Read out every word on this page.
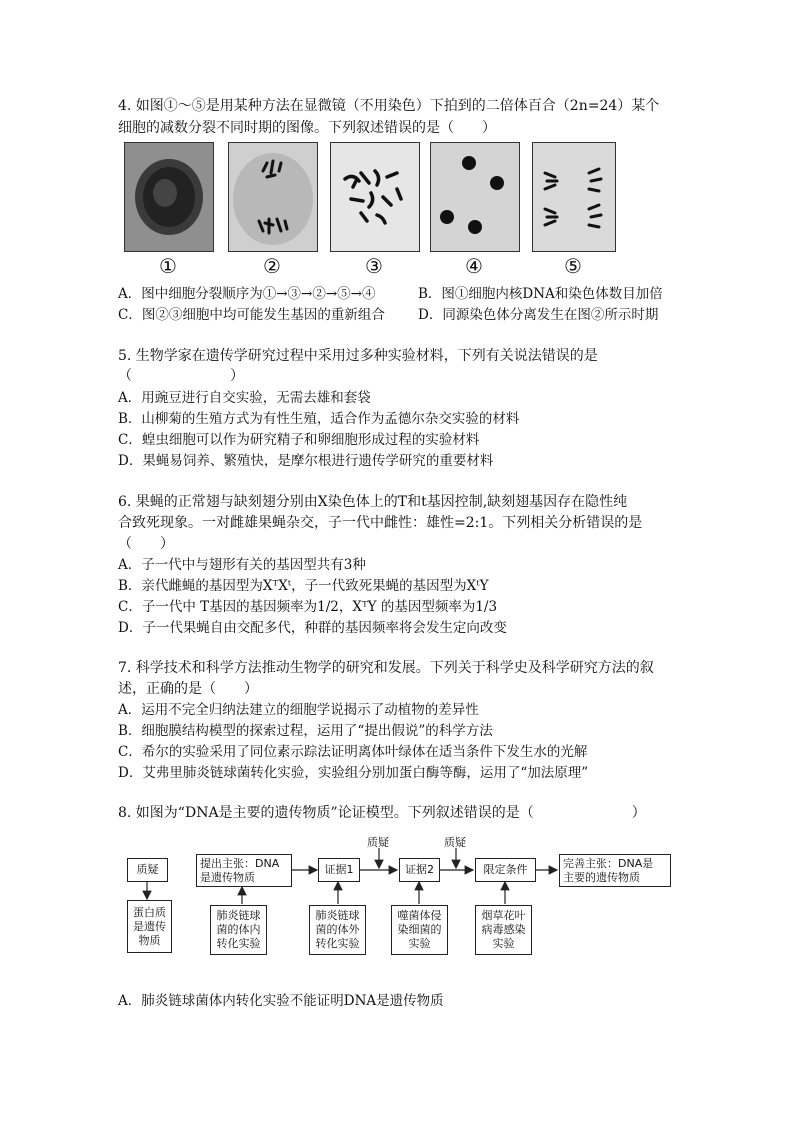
4. 如图①～⑤是用某种方法在显微镜（不用染色）下拍到的二倍体百合（2n=24）某个
细胞的减数分裂不同时期的图像。下列叙述错误的是（　　）
①	②	③	④	⑤
A．图中细胞分裂顺序为①→③→②→⑤→④	B．图①细胞内核DNA和染色体数目加倍
C．图②③细胞中均可能发生基因的重新组合 D．同源染色体分离发生在图②所示时期
5. 生物学家在遗传学研究过程中采用过多种实验材料，下列有关说法错误的是
（　　　　　　　）
A．用豌豆进行自交实验，无需去雄和套袋
B．山柳菊的生殖方式为有性生殖，适合作为孟德尔杂交实验的材料
C．蝗虫细胞可以作为研究精子和卵细胞形成过程的实验材料
D．果蝇易饲养、繁殖快，是摩尔根进行遗传学研究的重要材料
6. 果蝇的正常翅与缺刻翅分别由X染色体上的T和t基因控制,缺刻翅基因存在隐性纯
合致死现象。一对雌雄果蝇杂交，子一代中雌性：雄性=2:1。下列相关分析错误的是
（　　）
A．子一代中与翅形有关的基因型共有3种
B．亲代雌蝇的基因型为XᵀXᵗ，子一代致死果蝇的基因型为XᵗY
C．子一代中 T基因的基因频率为1/2，XᵀY 的基因型频率为1/3
D．子一代果蝇自由交配多代，种群的基因频率将会发生定向改变
7. 科学技术和科学方法推动生物学的研究和发展。下列关于科学史及科学研究方法的叙
述，正确的是（　　）
A．运用不完全归纳法建立的细胞学说揭示了动植物的差异性
B．细胞膜结构模型的探索过程，运用了“提出假说”的科学方法
C．希尔的实验采用了同位素示踪法证明离体叶绿体在适当条件下发生水的光解
D．艾弗里肺炎链球菌转化实验，实验组分别加蛋白酶等酶，运用了“加法原理”
8. 如图为“DNA是主要的遗传物质”论证模型。下列叙述错误的是（　　　　　　　）
质疑	质疑
质疑	提出主张：DNA
是遗传物质
证据1	证据2	限定条件	完善主张：DNA是
主要的遗传物质
蛋白质
是遗传
物质
肺炎链球
菌的体内
转化实验
肺炎链球
菌的体外
转化实验
噬菌体侵
染细菌的
实验
烟草花叶
病毒感染
实验
A．肺炎链球菌体内转化实验不能证明DNA是遗传物质
